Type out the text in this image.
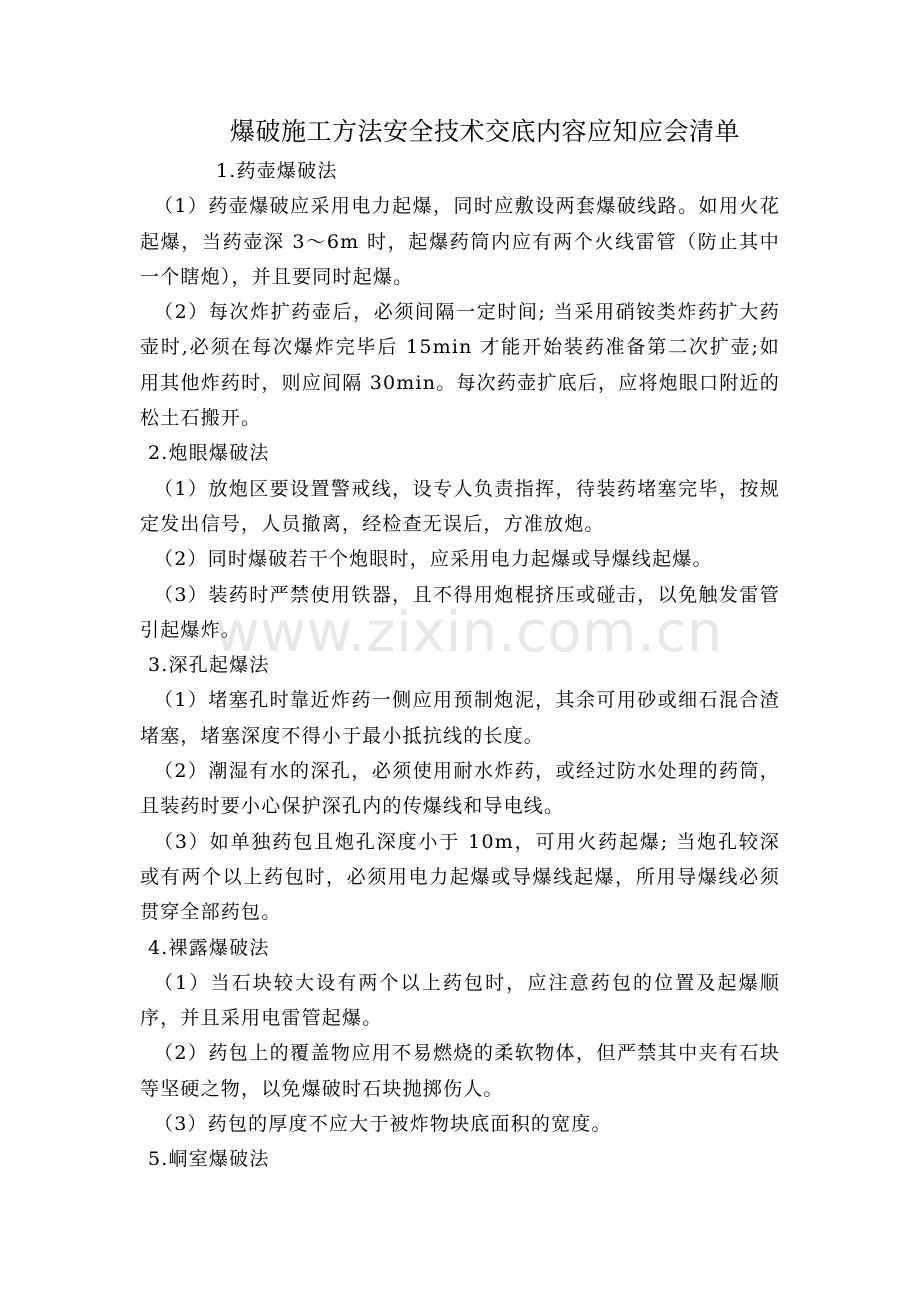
爆破施工方法安全技术交底内容应知应会清单

1.药壶爆破法

（1）药壶爆破应采用电力起爆，同时应敷设两套爆破线路。如用火花起爆，当药壶深 3～6m 时，起爆药筒内应有两个火线雷管（防止其中一个瞎炮），并且要同时起爆。

（2）每次炸扩药壶后，必须间隔一定时间; 当采用硝铵类炸药扩大药壶时,必须在每次爆炸完毕后 15min 才能开始装药准备第二次扩壶;如用其他炸药时，则应间隔 30min。每次药壶扩底后，应将炮眼口附近的松土石搬开。

2.炮眼爆破法

（1）放炮区要设置警戒线，设专人负责指挥，待装药堵塞完毕，按规定发出信号，人员撤离，经检查无误后，方准放炮。

（2）同时爆破若干个炮眼时，应采用电力起爆或导爆线起爆。

（3）装药时严禁使用铁器，且不得用炮棍挤压或碰击，以免触发雷管引起爆炸。

3.深孔起爆法

（1）堵塞孔时靠近炸药一侧应用预制炮泥，其余可用砂或细石混合渣堵塞，堵塞深度不得小于最小抵抗线的长度。

（2）潮湿有水的深孔，必须使用耐水炸药，或经过防水处理的药筒，且装药时要小心保护深孔内的传爆线和导电线。

（3）如单独药包且炮孔深度小于 10m，可用火药起爆; 当炮孔较深或有两个以上药包时，必须用电力起爆或导爆线起爆，所用导爆线必须贯穿全部药包。

4.裸露爆破法

（1）当石块较大设有两个以上药包时，应注意药包的位置及起爆顺序，并且采用电雷管起爆。

（2）药包上的覆盖物应用不易燃烧的柔软物体，但严禁其中夹有石块等坚硬之物，以免爆破时石块抛掷伤人。

（3）药包的厚度不应大于被炸物块底面积的宽度。

5.峒室爆破法

www.zixin.com.cn
